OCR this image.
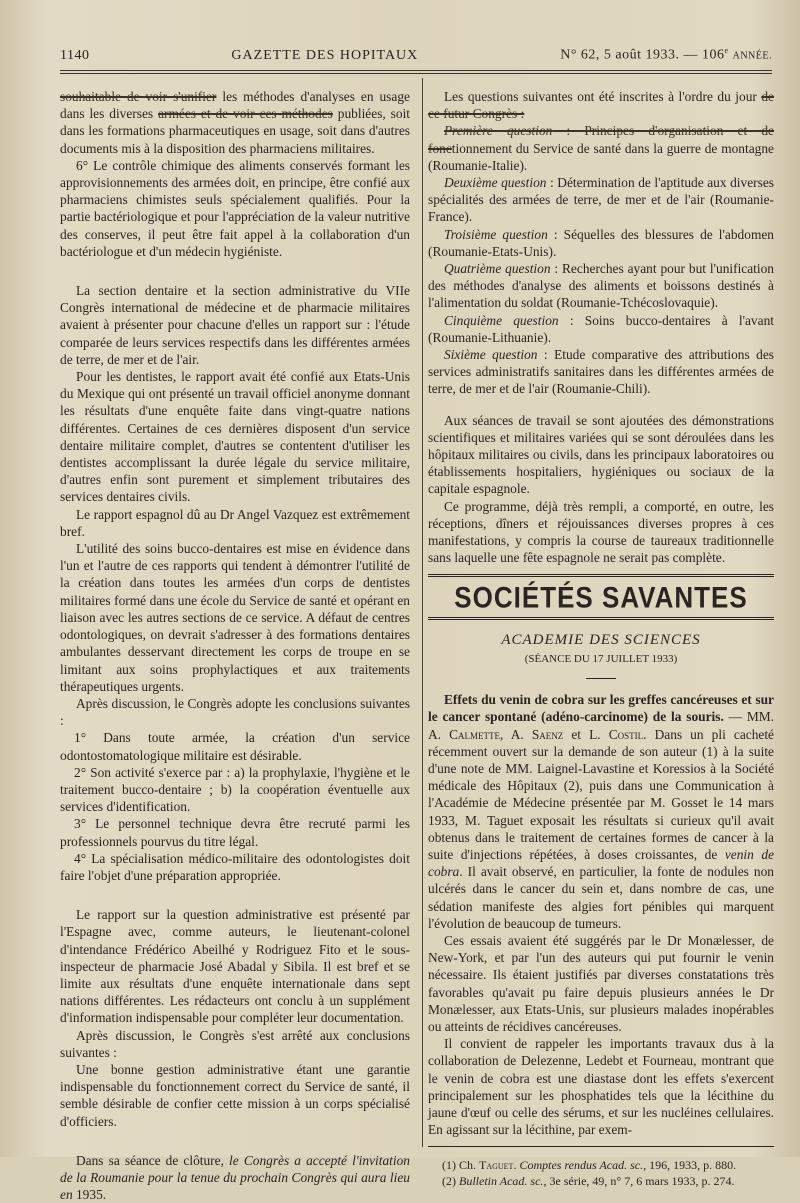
1140	GAZETTE DES HOPITAUX	N° 62, 5 août 1933. — 106e ANNÉE.

souhaitable de voir s'unifier les méthodes d'analyses en usage dans les diverses armées et de voir ces méthodes publiées, soit dans les formations pharmaceutiques en usage, soit dans d'autres documents mis à la disposition des pharmaciens militaires.

6° Le contrôle chimique des aliments conservés formant les approvisionnements des armées doit, en principe, être confié aux pharmaciens chimistes seuls spécialement qualifiés. Pour la partie bactériologique et pour l'appréciation de la valeur nutritive des conserves, il peut être fait appel à la collaboration d'un bactériologue et d'un médecin hygiéniste.

La section dentaire et la section administrative du VIIe Congrès international de médecine et de pharmacie militaires avaient à présenter pour chacune d'elles un rapport sur : l'étude comparée de leurs services respectifs dans les différentes armées de terre, de mer et de l'air.

Pour les dentistes, le rapport avait été confié aux Etats-Unis du Mexique qui ont présenté un travail officiel anonyme donnant les résultats d'une enquête faite dans vingt-quatre nations différentes. Certaines de ces dernières disposent d'un service dentaire militaire complet, d'autres se contentent d'utiliser les dentistes accomplissant la durée légale du service militaire, d'autres enfin sont purement et simplement tributaires des services dentaires civils.

Le rapport espagnol dû au Dr Angel Vazquez est extrêmement bref.

L'utilité des soins bucco-dentaires est mise en évidence dans l'un et l'autre de ces rapports qui tendent à démontrer l'utilité de la création dans toutes les armées d'un corps de dentistes militaires formé dans une école du Service de santé et opérant en liaison avec les autres sections de ce service. A défaut de centres odontologiques, on devrait s'adresser à des formations dentaires ambulantes desservant directement les corps de troupe en se limitant aux soins prophylactiques et aux traitements thérapeutiques urgents.

Après discussion, le Congrès adopte les conclusions suivantes :

1° Dans toute armée, la création d'un service odontostomatologique militaire est désirable.

2° Son activité s'exerce par : a) la prophylaxie, l'hygiène et le traitement bucco-dentaire ; b) la coopération éventuelle aux services d'identification.

3° Le personnel technique devra être recruté parmi les professionnels pourvus du titre légal.

4° La spécialisation médico-militaire des odontologistes doit faire l'objet d'une préparation appropriée.

Le rapport sur la question administrative est présenté par l'Espagne avec, comme auteurs, le lieutenant-colonel d'intendance Frédérico Abeilhé y Rodriguez Fito et le sous-inspecteur de pharmacie José Abadal y Sibila. Il est bref et se limite aux résultats d'une enquête internationale dans sept nations différentes. Les rédacteurs ont conclu à un supplément d'information indispensable pour compléter leur documentation.

Après discussion, le Congrès s'est arrêté aux conclusions suivantes :

Une bonne gestion administrative étant une garantie indispensable du fonctionnement correct du Service de santé, il semble désirable de confier cette mission à un corps spécialisé d'officiers.

Dans sa séance de clôture, le Congrès a accepté l'invitation de la Roumanie pour la tenue du prochain Congrès qui aura lieu en 1935.

Les questions suivantes ont été inscrites à l'ordre du jour de ce futur Congrès :

Première question : Principes d'organisation et de fonctionnement du Service de santé dans la guerre de montagne (Roumanie-Italie).

Deuxième question : Détermination de l'aptitude aux diverses spécialités des armées de terre, de mer et de l'air (Roumanie-France).

Troisième question : Séquelles des blessures de l'abdomen (Roumanie-Etats-Unis).

Quatrième question : Recherches ayant pour but l'unification des méthodes d'analyse des aliments et boissons destinés à l'alimentation du soldat (Roumanie-Tchécoslovaquie).

Cinquième question : Soins bucco-dentaires à l'avant (Roumanie-Lithuanie).

Sixième question : Etude comparative des attributions des services administratifs sanitaires dans les différentes armées de terre, de mer et de l'air (Roumanie-Chili).

Aux séances de travail se sont ajoutées des démonstrations scientifiques et militaires variées qui se sont déroulées dans les hôpitaux militaires ou civils, dans les principaux laboratoires ou établissements hospitaliers, hygiéniques ou sociaux de la capitale espagnole.

Ce programme, déjà très rempli, a comporté, en outre, les réceptions, dîners et réjouissances diverses propres à ces manifestations, y compris la course de taureaux traditionnelle sans laquelle une fête espagnole ne serait pas complète.

SOCIÉTÉS SAVANTES
ACADEMIE DES SCIENCES
(SÉANCE DU 17 JUILLET 1933)

Effets du venin de cobra sur les greffes cancéreuses et sur le cancer spontané (adéno-carcinome) de la souris. — MM. A. Calmette, A. Saenz et L. Costil. Dans un pli cacheté récemment ouvert sur la demande de son auteur (1) à la suite d'une note de MM. Laignel-Lavastine et Koressios à la Société médicale des Hôpitaux (2), puis dans une Communication à l'Académie de Médecine présentée par M. Gosset le 14 mars 1933, M. Taguet exposait les résultats si curieux qu'il avait obtenus dans le traitement de certaines formes de cancer à la suite d'injections répétées, à doses croissantes, de venin de cobra. Il avait observé, en particulier, la fonte de nodules non ulcérés dans le cancer du sein et, dans nombre de cas, une sédation manifeste des algies fort pénibles qui marquent l'évolution de beaucoup de tumeurs.

Ces essais avaient été suggérés par le Dr Monælesser, de New-York, et par l'un des auteurs qui put fournir le venin nécessaire. Ils étaient justifiés par diverses constatations très favorables qu'avait pu faire depuis plusieurs années le Dr Monælesser, aux Etats-Unis, sur plusieurs malades inopérables ou atteints de récidives cancéreuses.

Il convient de rappeler les importants travaux dus à la collaboration de Delezenne, Ledebt et Fourneau, montrant que le venin de cobra est une diastase dont les effets s'exercent principalement sur les phosphatides tels que la lécithine du jaune d'œuf ou celle des sérums, et sur les nucléines cellulaires. En agissant sur la lécithine, par exem-

(1) Ch. Taguet. Comptes rendus Acad. sc., 196, 1933, p. 880.
(2) Bulletin Acad. sc., 3e série, 49, n° 7, 6 mars 1933, p. 274.
